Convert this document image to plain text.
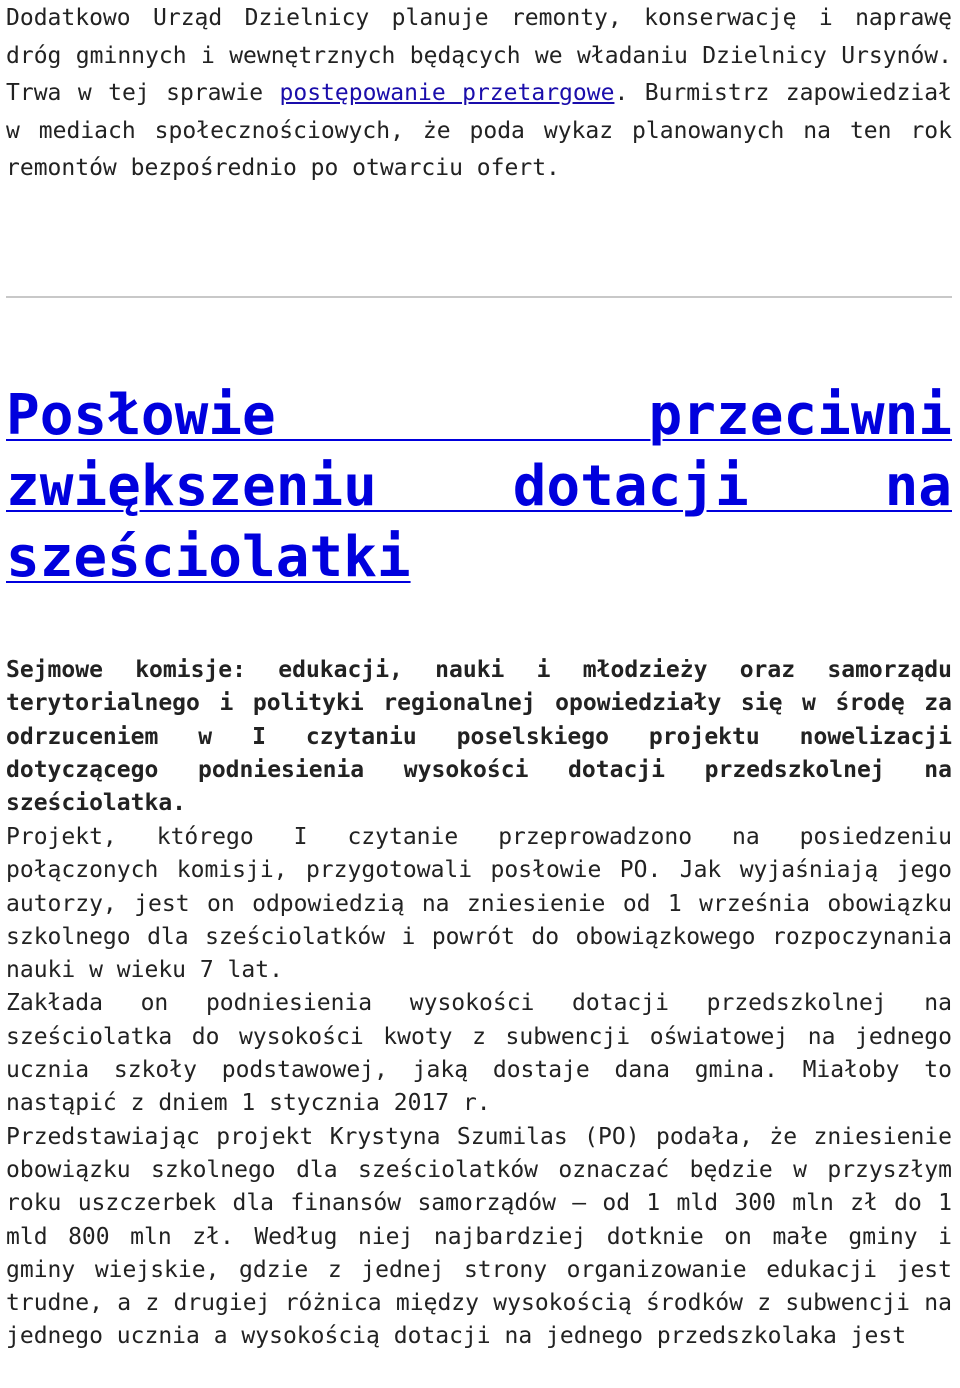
Dodatkowo Urząd Dzielnicy planuje remonty, konserwację i naprawę dróg gminnych i wewnętrznych będących we władaniu Dzielnicy Ursynów. Trwa w tej sprawie postępowanie przetargowe. Burmistrz zapowiedział w mediach społecznościowych, że poda wykaz planowanych na ten rok remontów bezpośrednio po otwarciu ofert.

Posłowie przeciwni zwiększeniu dotacji na sześciolatki

Sejmowe komisje: edukacji, nauki i młodzieży oraz samorządu terytorialnego i polityki regionalnej opowiedziały się w środę za odrzuceniem w I czytaniu poselskiego projektu nowelizacji dotyczącego podniesienia wysokości dotacji przedszkolnej na sześciolatka.

Projekt, którego I czytanie przeprowadzono na posiedzeniu połączonych komisji, przygotowali posłowie PO. Jak wyjaśniają jego autorzy, jest on odpowiedzią na zniesienie od 1 września obowiązku szkolnego dla sześciolatków i powrót do obowiązkowego rozpoczynania nauki w wieku 7 lat.

Zakłada on podniesienia wysokości dotacji przedszkolnej na sześciolatka do wysokości kwoty z subwencji oświatowej na jednego ucznia szkoły podstawowej, jaką dostaje dana gmina. Miałoby to nastąpić z dniem 1 stycznia 2017 r.

Przedstawiając projekt Krystyna Szumilas (PO) podała, że zniesienie obowiązku szkolnego dla sześciolatków oznaczać będzie w przyszłym roku uszczerbek dla finansów samorządów – od 1 mld 300 mln zł do 1 mld 800 mln zł. Według niej najbardziej dotknie on małe gminy i gminy wiejskie, gdzie z jednej strony organizowanie edukacji jest trudne, a z drugiej różnica między wysokością środków z subwencji na jednego ucznia a wysokością dotacji na jednego przedszkolaka jest
